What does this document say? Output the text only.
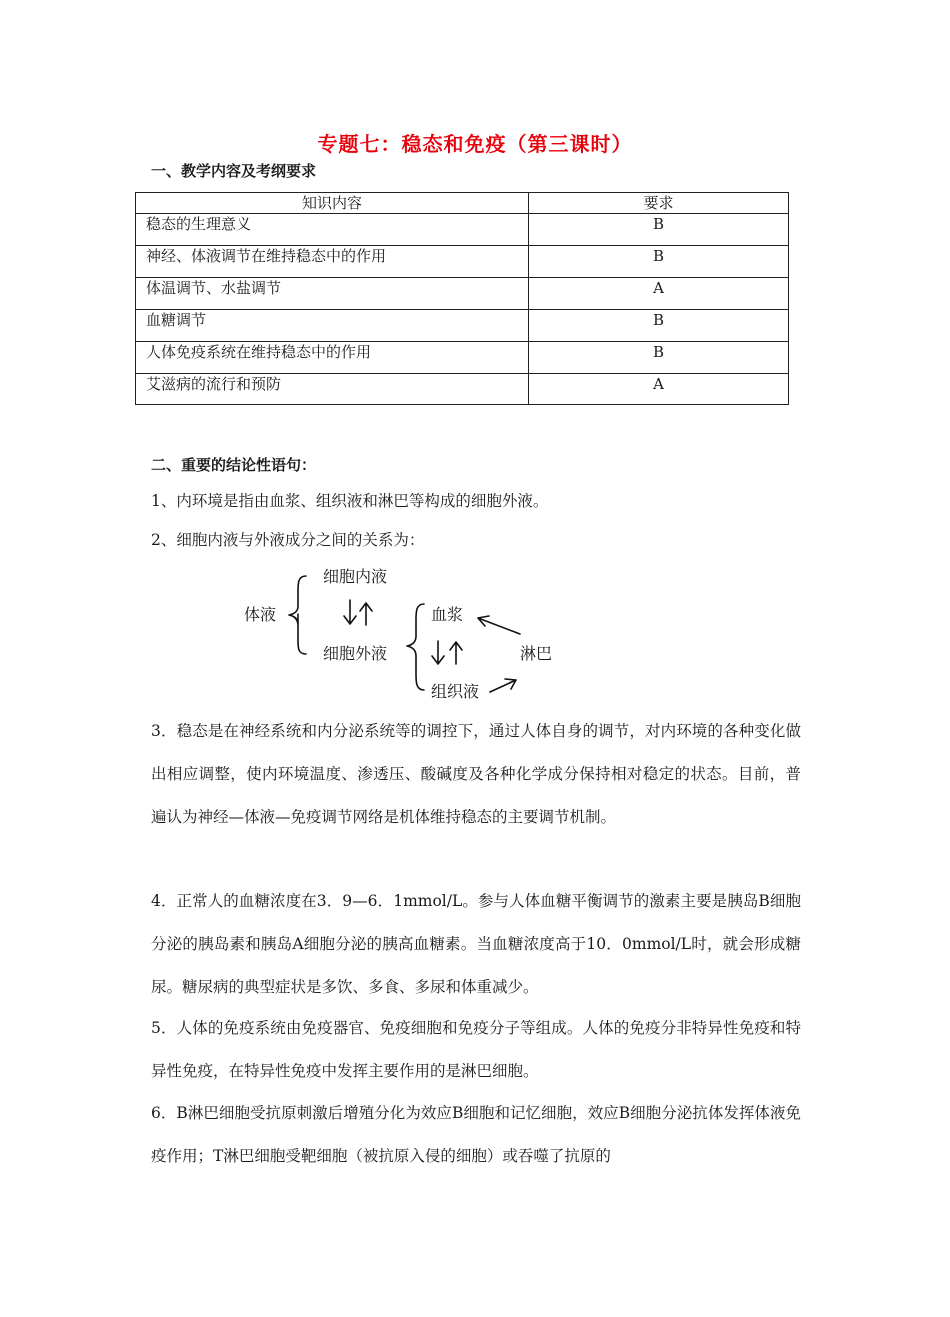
专题七：稳态和免疫（第三课时）
一、教学内容及考纲要求
知识内容	要求
稳态的生理意义	B
神经、体液调节在维持稳态中的作用	B
体温调节、水盐调节	A
血糖调节	B
人体免疫系统在维持稳态中的作用	B
艾滋病的流行和预防	A
二、重要的结论性语句：

1、内环境是指由血浆、组织液和淋巴等构成的细胞外液。

2、细胞内液与外液成分之间的关系为：

体液
细胞内液
细胞外液
血浆
组织液
淋巴

3．稳态是在神经系统和内分泌系统等的调控下，通过人体自身的调节，对内环境的各种变化做出相应调整，使内环境温度、渗透压、酸碱度及各种化学成分保持相对稳定的状态。目前，普遍认为神经—体液—免疫调节网络是机体维持稳态的主要调节机制。

4．正常人的血糖浓度在3．9—6．1mmol/L。参与人体血糖平衡调节的激素主要是胰岛B细胞分泌的胰岛素和胰岛A细胞分泌的胰高血糖素。当血糖浓度高于10．0mmol/L时，就会形成糖尿。糖尿病的典型症状是多饮、多食、多尿和体重减少。

5．人体的免疫系统由免疫器官、免疫细胞和免疫分子等组成。人体的免疫分非特异性免疫和特异性免疫，在特异性免疫中发挥主要作用的是淋巴细胞。

6．B淋巴细胞受抗原刺激后增殖分化为效应B细胞和记忆细胞，效应B细胞分泌抗体发挥体液免疫作用；T淋巴细胞受靶细胞（被抗原入侵的细胞）或吞噬了抗原的
